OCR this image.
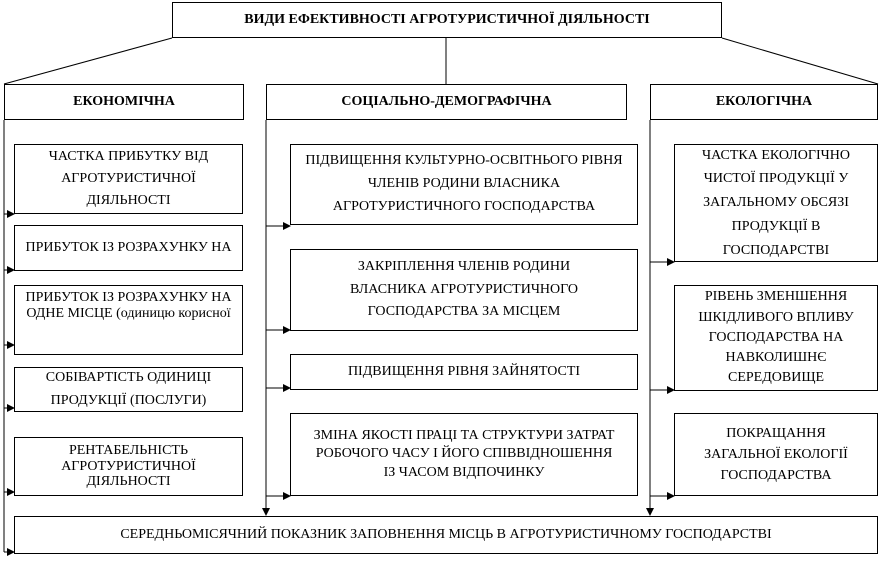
ВИДИ ЕФЕКТИВНОСТІ АГРОТУРИСТИЧНОЇ ДІЯЛЬНОСТІ
ЕКОНОМІЧНА	СОЦІАЛЬНО-ДЕМОГРАФІЧНА	ЕКОЛОГІЧНА
ЧАСТКА ПРИБУТКУ ВІД АГРОТУРИСТИЧНОЇ ДІЯЛЬНОСТІ
ПРИБУТОК ІЗ РОЗРАХУНКУ НА
ПРИБУТОК ІЗ РОЗРАХУНКУ НА ОДНЕ МІСЦЕ (одиницю корисної
СОБІВАРТІСТЬ ОДИНИЦІ ПРОДУКЦІЇ (ПОСЛУГИ)
РЕНТАБЕЛЬНІСТЬ АГРОТУРИСТИЧНОЇ ДІЯЛЬНОСТІ
ПІДВИЩЕННЯ КУЛЬТУРНО-ОСВІТНЬОГО РІВНЯ ЧЛЕНІВ РОДИНИ ВЛАСНИКА АГРОТУРИСТИЧНОГО ГОСПОДАРСТВА
ЗАКРІПЛЕННЯ ЧЛЕНІВ РОДИНИ ВЛАСНИКА АГРОТУРИСТИЧНОГО ГОСПОДАРСТВА ЗА МІСЦЕМ
ПІДВИЩЕННЯ РІВНЯ ЗАЙНЯТОСТІ
ЗМІНА ЯКОСТІ ПРАЦІ ТА СТРУКТУРИ ЗАТРАТ РОБОЧОГО ЧАСУ І ЙОГО СПІВВІДНОШЕННЯ ІЗ ЧАСОМ ВІДПОЧИНКУ
ЧАСТКА ЕКОЛОГІЧНО ЧИСТОЇ ПРОДУКЦІЇ У ЗАГАЛЬНОМУ ОБСЯЗІ ПРОДУКЦІЇ В ГОСПОДАРСТВІ
РІВЕНЬ ЗМЕНШЕННЯ ШКІДЛИВОГО ВПЛИВУ ГОСПОДАРСТВА НА НАВКОЛИШНЄ СЕРЕДОВИЩЕ
ПОКРАЩАННЯ ЗАГАЛЬНОЇ ЕКОЛОГІЇ ГОСПОДАРСТВА
СЕРЕДНЬОМІСЯЧНИЙ ПОКАЗНИК ЗАПОВНЕННЯ МІСЦЬ В АГРОТУРИСТИЧНОМУ ГОСПОДАРСТВІ
